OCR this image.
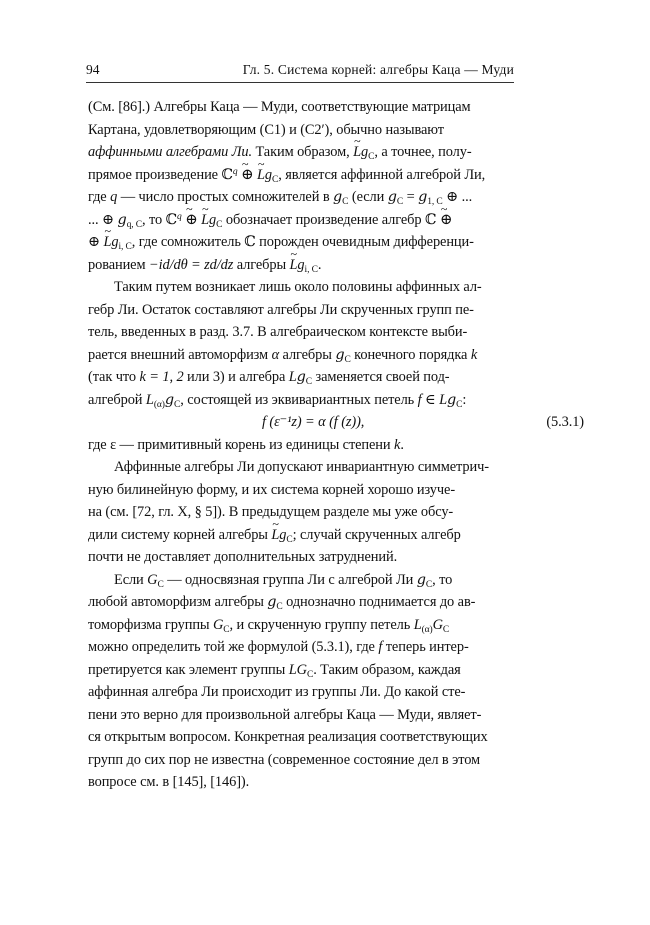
94	Гл. 5. Система корней: алгебры Каца — Муди

(См. [86].) Алгебры Каца — Муди, соответствующие матрицам

Картана, удовлетворяющим (С1) и (С2′), обычно называют

аффинными алгебрами Ли. Таким образом, ~ $Lg_C$, а точнее, полу-

прямое произведение ℂ$^q$ ~ ⊕ ~ $Lg_C$, является аффинной алгеброй Ли,

где q — число простых сомножителей в $g_C$ (если $g_C = g_{1, C}$ ⊕ ...

... ⊕ $g_{q, C}$, то ℂ$^q$ ~ ⊕ ~ $Lg_C$ обозначает произведение алгебр ℂ ~ ⊕

⊕ ~ $Lg_{i, C}$, где сомножитель ℂ порожден очевидным дифференци-

рованием −id/dθ = zd/dz алгебры ~ $Lg_{i, C}$.

Таким путем возникает лишь около половины аффинных ал-

гебр Ли. Остаток составляют алгебры Ли скрученных групп пе-

тель, введенных в разд. 3.7. В алгебраическом контексте выби-

рается внешний автоморфизм α алгебры $g_C$ конечного порядка k

(так что k = 1, 2 или 3) и алгебра $Lg_C$ заменяется своей под-

алгеброй $L_{(\alpha)}g_C$, состоящей из эквивариантных петель f ∈ $Lg_C$:

f (ε⁻¹z) = α (f (z)),	(5.3.1)

где ε — примитивный корень из единицы степени k.

Аффинные алгебры Ли допускают инвариантную симметрич-

ную билинейную форму, и их система корней хорошо изуче-

на (см. [72, гл. X, § 5]). В предыдущем разделе мы уже обсу-

дили систему корней алгебры ~ $Lg_C$; случай скрученных алгебр

почти не доставляет дополнительных затруднений.

Если $G_C$ — односвязная группа Ли с алгеброй Ли $g_C$, то

любой автоморфизм алгебры $g_C$ однозначно поднимается до ав-

томорфизма группы $G_C$, и скрученную группу петель $L_{(\alpha)}G_C$

можно определить той же формулой (5.3.1), где f теперь интер-

претируется как элемент группы $LG_C$. Таким образом, каждая

аффинная алгебра Ли происходит из группы Ли. До какой сте-

пени это верно для произвольной алгебры Каца — Муди, являет-

ся открытым вопросом. Конкретная реализация соответствующих

групп до сих пор не известна (современное состояние дел в этом

вопросе см. в [145], [146]).
